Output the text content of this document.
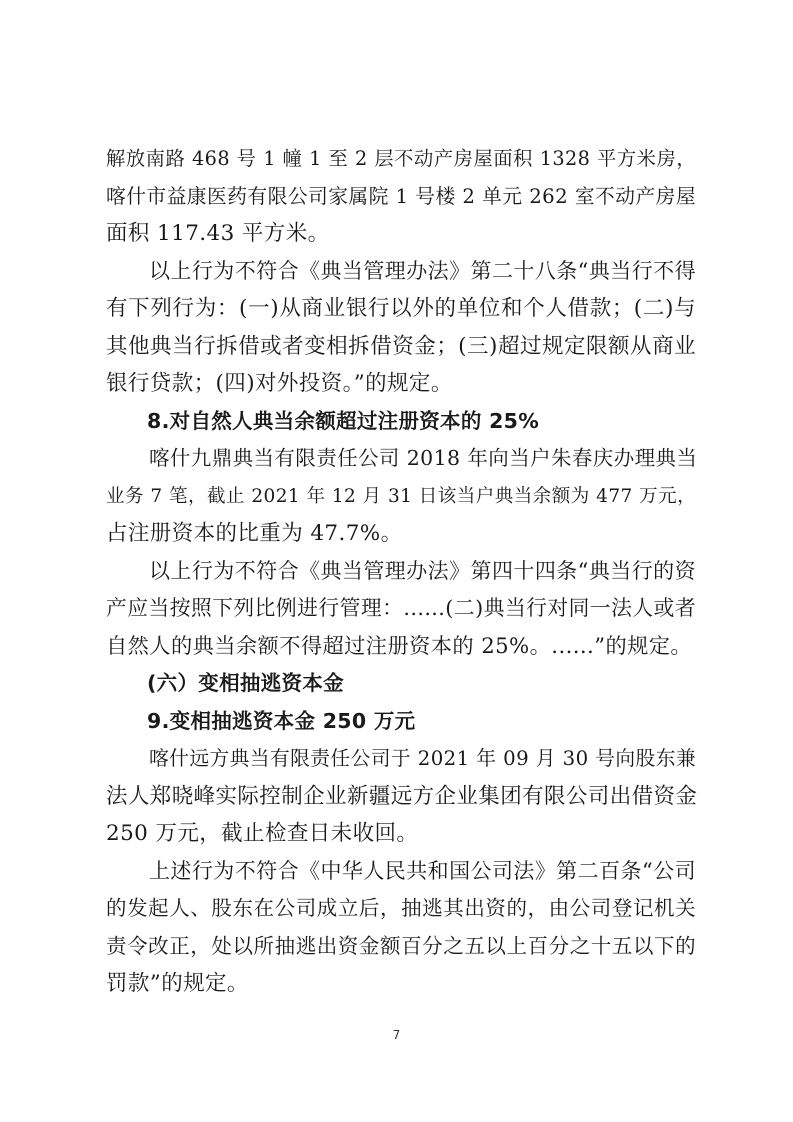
解放南路 468 号 1 幢 1 至 2 层不动产房屋面积 1328 平方米房，
喀什市益康医药有限公司家属院 1 号楼 2 单元 262 室不动产房屋
面积 117.43 平方米。
以上行为不符合《典当管理办法》第二十八条“典当行不得
有下列行为：(一)从商业银行以外的单位和个人借款；(二)与
其他典当行拆借或者变相拆借资金；(三)超过规定限额从商业
银行贷款；(四)对外投资。”的规定。
8.对自然人典当余额超过注册资本的 25%
喀什九鼎典当有限责任公司 2018 年向当户朱春庆办理典当
业务 7 笔，截止 2021 年 12 月 31 日该当户典当余额为 477 万元，
占注册资本的比重为 47.7%。
以上行为不符合《典当管理办法》第四十四条“典当行的资
产应当按照下列比例进行管理：......(二)典当行对同一法人或者
自然人的典当余额不得超过注册资本的 25%。......”的规定。
(六）变相抽逃资本金
9.变相抽逃资本金 250 万元
喀什远方典当有限责任公司于 2021 年 09 月 30 号向股东兼
法人郑晓峰实际控制企业新疆远方企业集团有限公司出借资金
250 万元，截止检查日未收回。
上述行为不符合《中华人民共和国公司法》第二百条“公司
的发起人、股东在公司成立后，抽逃其出资的，由公司登记机关
责令改正，处以所抽逃出资金额百分之五以上百分之十五以下的
罚款”的规定。
7
